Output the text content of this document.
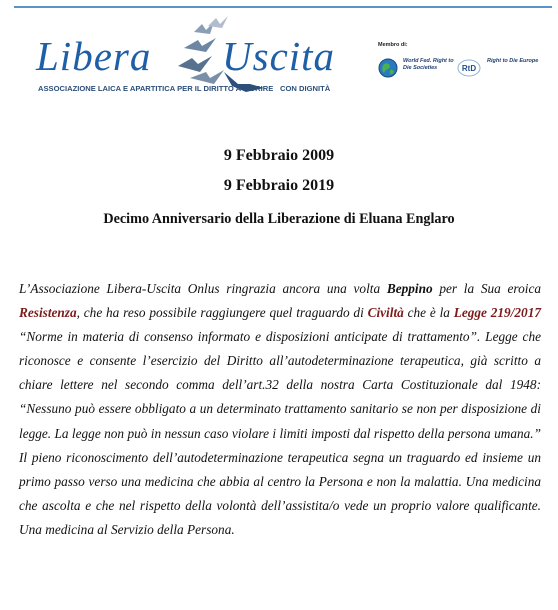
Libera Uscita
ASSOCIAZIONE LAICA E APARTITICA PER IL DIRITTO A MORIRE CON DIGNITÀ
Membro di:
World Fed. Right to Die Societies	RtD
Right to Die Europe
9 Febbraio 2009
9 Febbraio 2019
Decimo Anniversario della Liberazione di Eluana Englaro
L’Associazione Libera-Uscita Onlus ringrazia ancora una volta Beppino per la Sua eroica Resistenza, che ha reso possibile raggiungere quel traguardo di Civiltà che è la Legge 219/2017 “Norme in materia di consenso informato e disposizioni anticipate di trattamento”. Legge che riconosce e consente l’esercizio del Diritto all’autodeterminazione terapeutica, già scritto a chiare lettere nel secondo comma dell’art.32 della nostra Carta Costituzionale dal 1948: “Nessuno può essere obbligato a un determinato trattamento sanitario se non per disposizione di legge. La legge non può in nessun caso violare i limiti imposti dal rispetto della persona umana.” Il pieno riconoscimento dell’autodeterminazione terapeutica segna un traguardo ed insieme un primo passo verso una medicina che abbia al centro la Persona e non la malattia. Una medicina che ascolta e che nel rispetto della volontà dell’assistita/o vede un proprio valore qualificante. Una medicina al Servizio della Persona.
